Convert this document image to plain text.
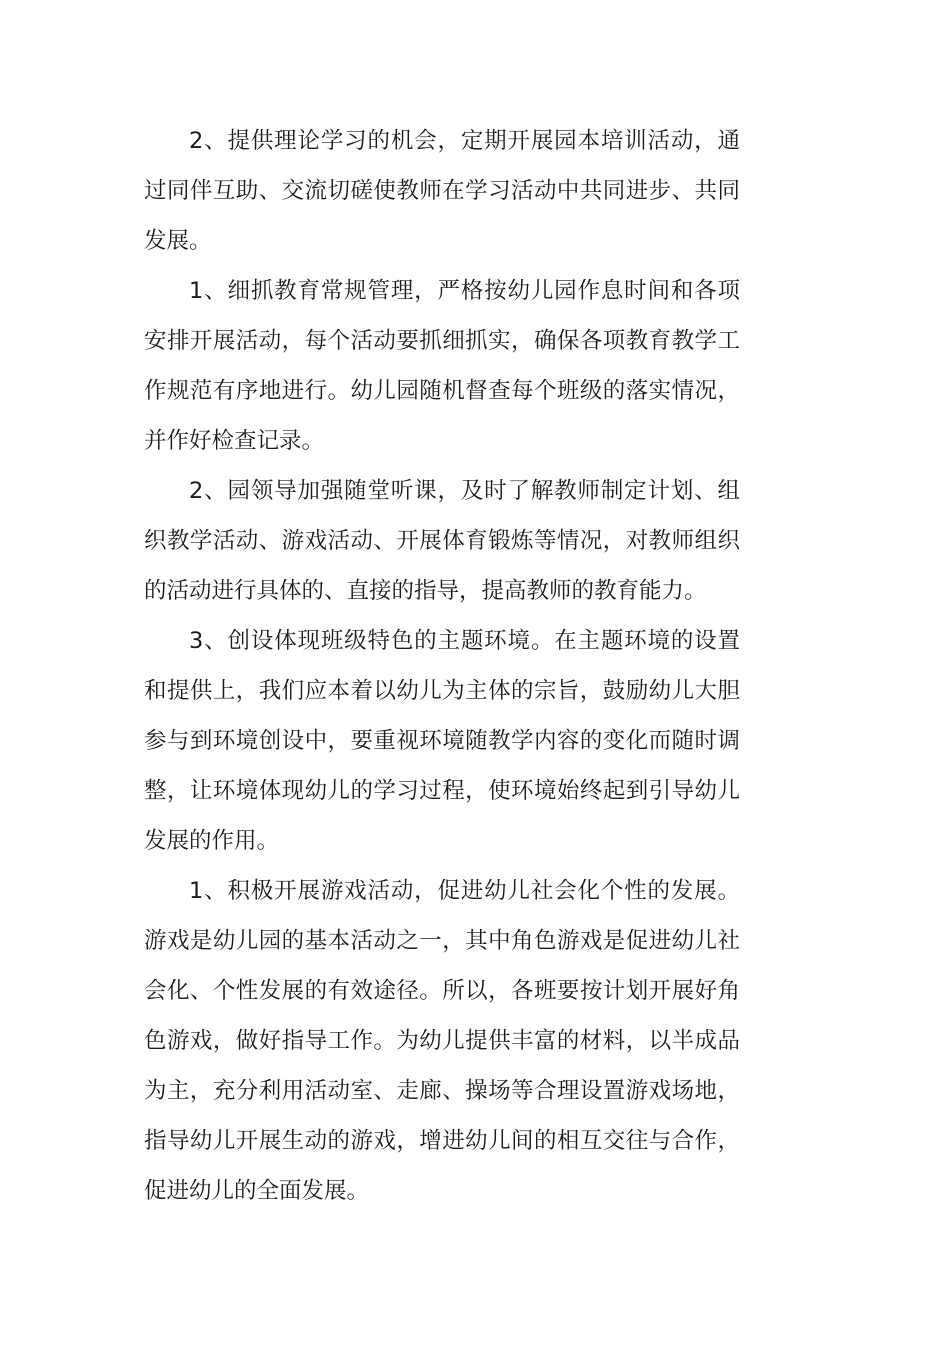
2、提供理论学习的机会，定期开展园本培训活动，通过同伴互助、交流切磋使教师在学习活动中共同进步、共同发展。

1、细抓教育常规管理，严格按幼儿园作息时间和各项安排开展活动，每个活动要抓细抓实，确保各项教育教学工作规范有序地进行。幼儿园随机督查每个班级的落实情况，并作好检查记录。

2、园领导加强随堂听课，及时了解教师制定计划、组织教学活动、游戏活动、开展体育锻炼等情况，对教师组织的活动进行具体的、直接的指导，提高教师的教育能力。

3、创设体现班级特色的主题环境。在主题环境的设置和提供上，我们应本着以幼儿为主体的宗旨，鼓励幼儿大胆参与到环境创设中，要重视环境随教学内容的变化而随时调整，让环境体现幼儿的学习过程，使环境始终起到引导幼儿发展的作用。

1、积极开展游戏活动，促进幼儿社会化个性的发展。游戏是幼儿园的基本活动之一，其中角色游戏是促进幼儿社会化、个性发展的有效途径。所以，各班要按计划开展好角色游戏，做好指导工作。为幼儿提供丰富的材料，以半成品为主，充分利用活动室、走廊、操场等合理设置游戏场地，指导幼儿开展生动的游戏，增进幼儿间的相互交往与合作，促进幼儿的全面发展。
